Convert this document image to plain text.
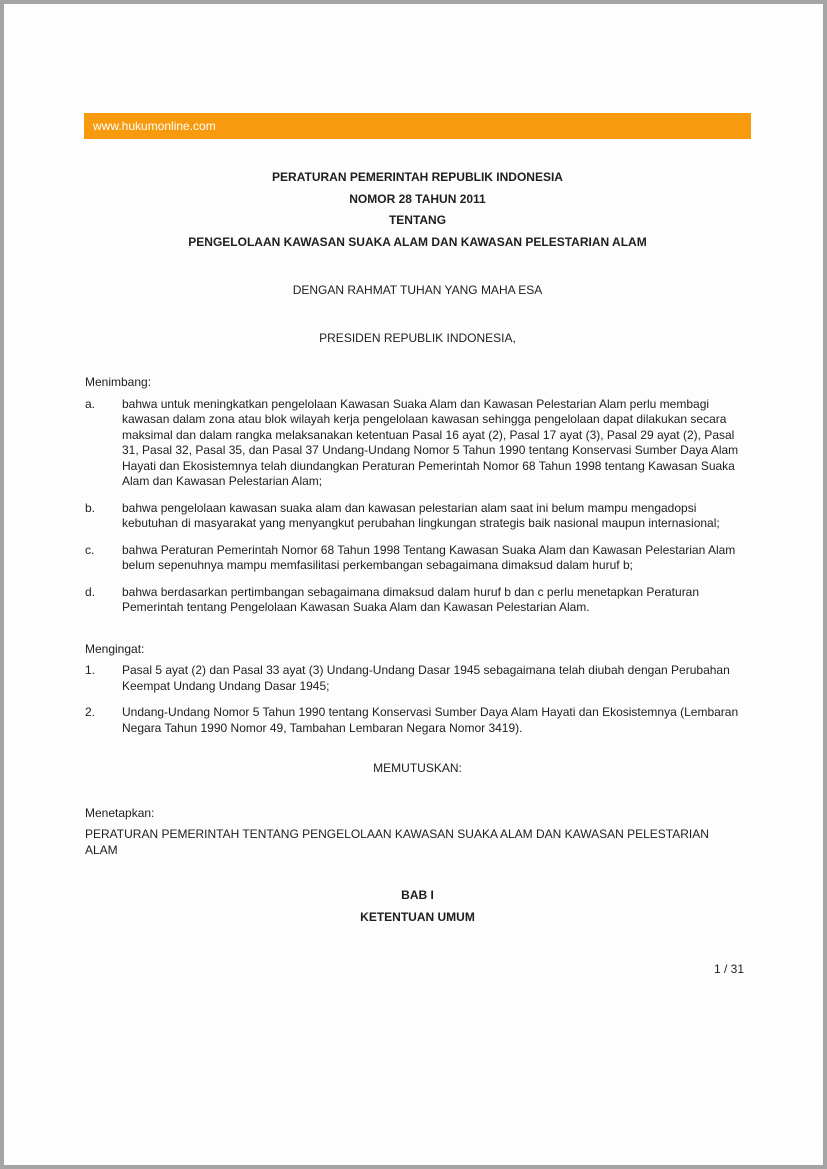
www.hukumonline.com
PERATURAN PEMERINTAH REPUBLIK INDONESIA
NOMOR 28 TAHUN 2011
TENTANG
PENGELOLAAN KAWASAN SUAKA ALAM DAN KAWASAN PELESTARIAN ALAM
DENGAN RAHMAT TUHAN YANG MAHA ESA
PRESIDEN REPUBLIK INDONESIA,
Menimbang:
a.	bahwa untuk meningkatkan pengelolaan Kawasan Suaka Alam dan Kawasan Pelestarian Alam perlu membagi kawasan dalam zona atau blok wilayah kerja pengelolaan kawasan sehingga pengelolaan dapat dilakukan secara maksimal dan dalam rangka melaksanakan ketentuan Pasal 16 ayat (2), Pasal 17 ayat (3), Pasal 29 ayat (2), Pasal 31, Pasal 32, Pasal 35, dan Pasal 37 Undang-Undang Nomor 5 Tahun 1990 tentang Konservasi Sumber Daya Alam Hayati dan Ekosistemnya telah diundangkan Peraturan Pemerintah Nomor 68 Tahun 1998 tentang Kawasan Suaka Alam dan Kawasan Pelestarian Alam;
b.	bahwa pengelolaan kawasan suaka alam dan kawasan pelestarian alam saat ini belum mampu mengadopsi kebutuhan di masyarakat yang menyangkut perubahan lingkungan strategis baik nasional maupun internasional;
c.	bahwa Peraturan Pemerintah Nomor 68 Tahun 1998 Tentang Kawasan Suaka Alam dan Kawasan Pelestarian Alam belum sepenuhnya mampu memfasilitasi perkembangan sebagaimana dimaksud dalam huruf b;
d.	bahwa berdasarkan pertimbangan sebagaimana dimaksud dalam huruf b dan c perlu menetapkan Peraturan Pemerintah tentang Pengelolaan Kawasan Suaka Alam dan Kawasan Pelestarian Alam.
Mengingat:
1.	Pasal 5 ayat (2) dan Pasal 33 ayat (3) Undang-Undang Dasar 1945 sebagaimana telah diubah dengan Perubahan Keempat Undang Undang Dasar 1945;
2.	Undang-Undang Nomor 5 Tahun 1990 tentang Konservasi Sumber Daya Alam Hayati dan Ekosistemnya (Lembaran Negara Tahun 1990 Nomor 49, Tambahan Lembaran Negara Nomor 3419).
MEMUTUSKAN:
Menetapkan:
PERATURAN PEMERINTAH TENTANG PENGELOLAAN KAWASAN SUAKA ALAM DAN KAWASAN PELESTARIAN ALAM
BAB I
KETENTUAN UMUM
1 / 31
